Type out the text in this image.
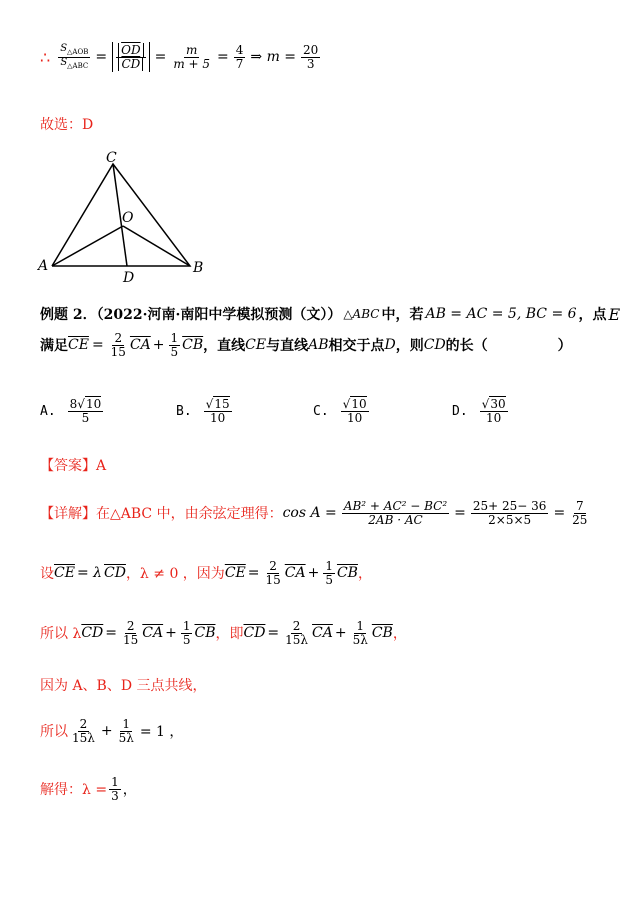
∴ $\frac{S_{\triangle AOB}}{S_{\triangle ABC}} = \frac{\overline{OD}}{CD} = \frac{m}{m + 5} = \frac{4}{7}$ ⇒ $m = \frac{20}{3}$
故选：D
C
O
A
D
B
例题 2．（2022·河南·南阳中学模拟预测（文）） △ABC 中，若 AB = AC = 5, BC = 6 ，点 E
满足 $\overline{CE} = \frac{2}{15} \overline{CA} + \frac{1}{5} \overline{CB}$ ，直线 CE 与直线 AB 相交于点 D ，则 CD 的长（　　　　　）
A. $\frac{8√10}{5}$	B. $\frac{√15}{10}$	C. $\frac{√10}{10}$	D. $\frac{√30}{10}$
【答案】A
【详解】在△ABC 中，由余弦定理得： $\cos A = \frac{\text{AB² + AC² − BC²}}{2AB \cdot AC} = \frac{25+ 25- 36}{2\times 5\times 5} = \frac{7}{25}$
设 $\overline{CE} = \lambda$ $\overline{CD}$ ，λ ≠ 0 ，因为 $\overline{CE} = \frac{2}{15} \overline{CA} + \frac{1}{5} \overline{CB}$ ，
所以 λ $\overline{CD} = \frac{2}{15} \overline{CA} + \frac{1}{5} \overline{CB}$ ，即 $\overline{CD} = \frac{2}{15\lambda} \overline{CA} + \frac{1}{5\lambda} \overline{CB}$ ，
因为 A、B、D 三点共线，
所以 $\frac{2}{15\lambda} + \frac{1}{5\lambda} = 1$ ，
解得：$\lambda = \frac{1}{3}$ ，
